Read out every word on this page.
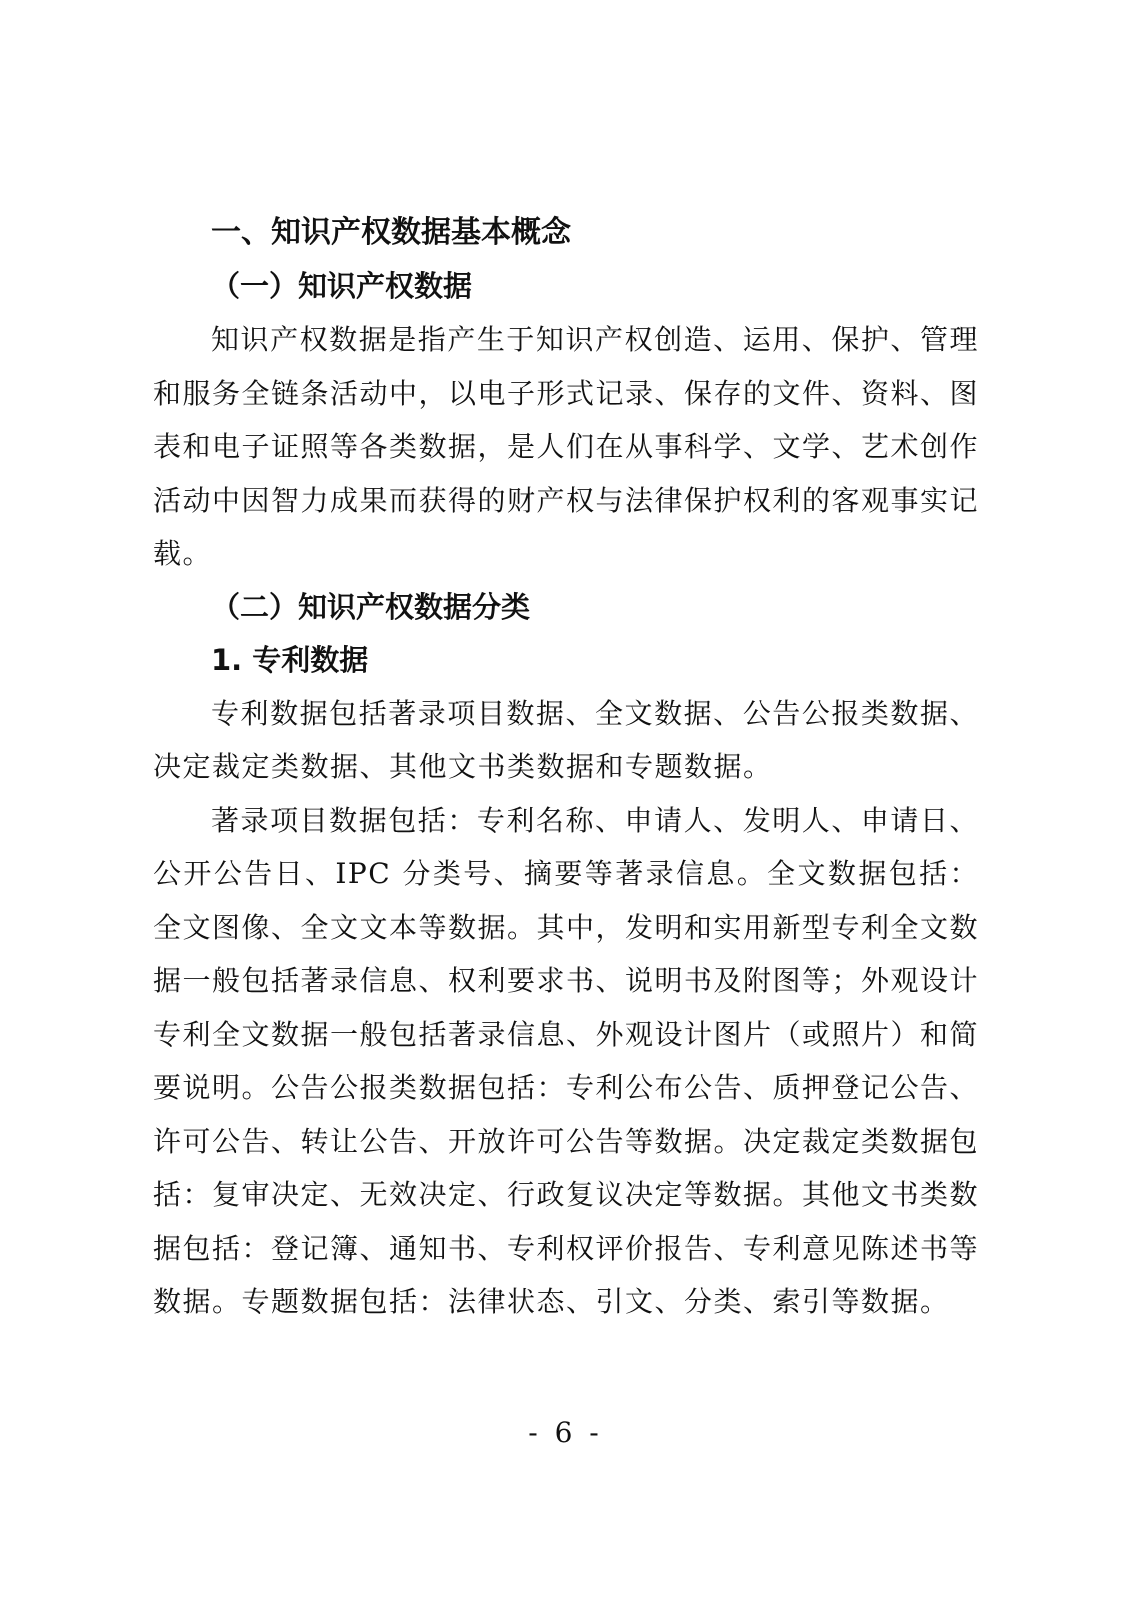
一、知识产权数据基本概念
（一）知识产权数据

知识产权数据是指产生于知识产权创造、运用、保护、管理和服务全链条活动中，以电子形式记录、保存的文件、资料、图表和电子证照等各类数据，是人们在从事科学、文学、艺术创作活动中因智力成果而获得的财产权与法律保护权利的客观事实记载。

（二）知识产权数据分类
1. 专利数据

专利数据包括著录项目数据、全文数据、公告公报类数据、决定裁定类数据、其他文书类数据和专题数据。

著录项目数据包括：专利名称、申请人、发明人、申请日、公开公告日、IPC 分类号、摘要等著录信息。全文数据包括：全文图像、全文文本等数据。其中，发明和实用新型专利全文数据一般包括著录信息、权利要求书、说明书及附图等；外观设计专利全文数据一般包括著录信息、外观设计图片（或照片）和简要说明。公告公报类数据包括：专利公布公告、质押登记公告、许可公告、转让公告、开放许可公告等数据。决定裁定类数据包括：复审决定、无效决定、行政复议决定等数据。其他文书类数据包括：登记簿、通知书、专利权评价报告、专利意见陈述书等数据。专题数据包括：法律状态、引文、分类、索引等数据。

- 6 -
